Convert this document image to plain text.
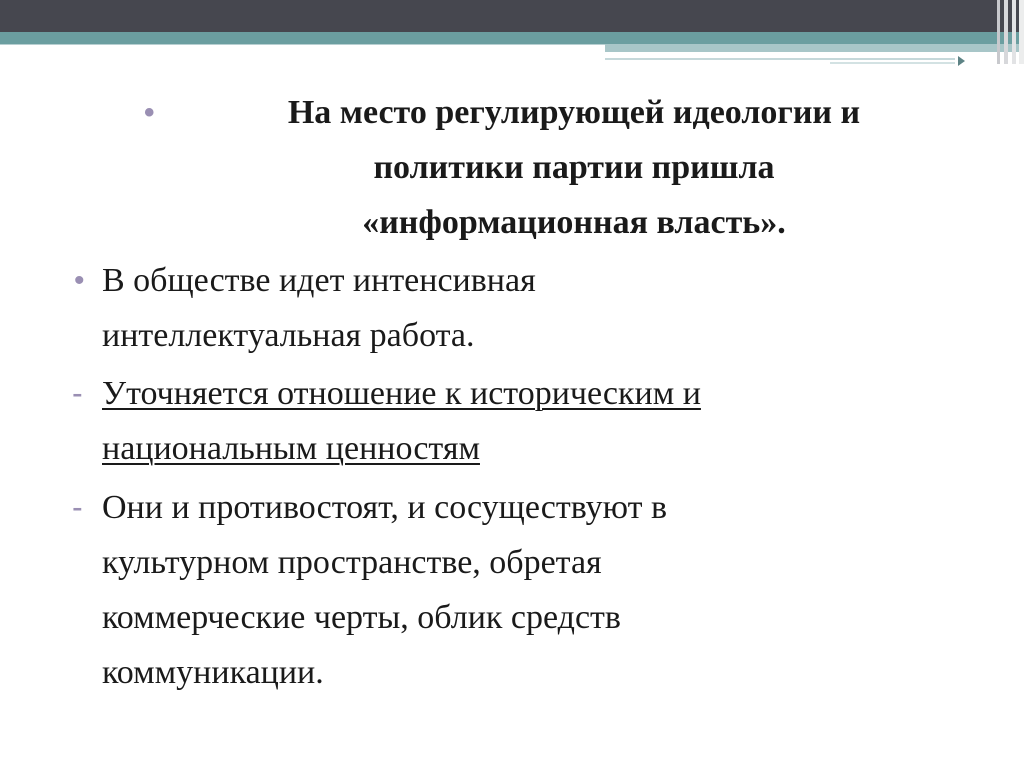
•	На место регулирующей идеологии и
политики партии пришла
«информационная власть».

• В обществе идет интенсивная
интеллектуальная работа.

- Уточняется отношение к историческим и
национальным ценностям

- Они и противостоят, и сосуществуют в
культурном пространстве, обретая
коммерческие черты, облик средств
коммуникации.
